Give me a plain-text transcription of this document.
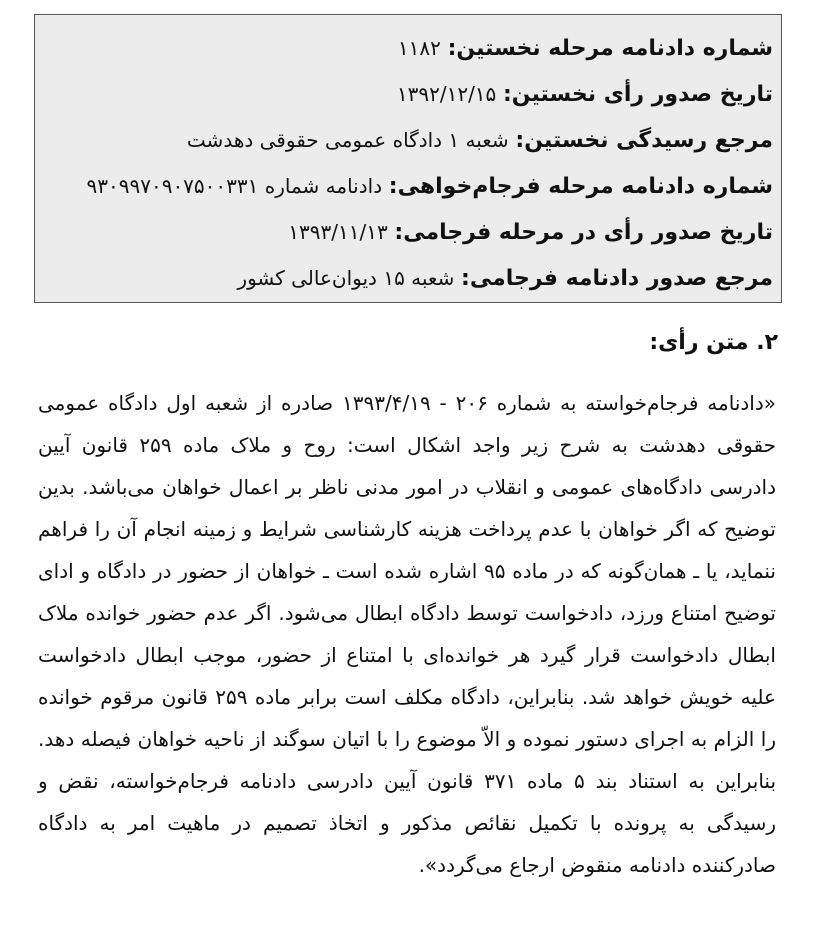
شماره دادنامه مرحله نخستین: ۱۱۸۲
تاریخ صدور رأی نخستین: ۱۳۹۲/۱۲/۱۵
مرجع رسیدگی نخستین: شعبه ۱ دادگاه عمومی حقوقی دهدشت
شماره دادنامه مرحله فرجام‌خواهی: دادنامه شماره ۹۳۰۹۹۷۰۹۰۷۵۰۰۳۳۱
تاریخ صدور رأی در مرحله فرجامی: ۱۳۹۳/۱۱/۱۳
مرجع صدور دادنامه فرجامی: شعبه ۱۵ دیوان‌عالی کشور
۲. متن رأی:

«دادنامه فرجام‌خواسته به شماره ۲۰۶ - ۱۳۹۳/۴/۱۹ صادره از شعبه اول دادگاه عمومی حقوقی دهدشت به شرح زیر واجد اشکال است: روح و ملاک ماده ۲۵۹ قانون آیین دادرسی دادگاه‌های عمومی و انقلاب در امور مدنی ناظر بر اعمال خواهان می‌باشد. بدین توضیح که اگر خواهان با عدم پرداخت هزینه کارشناسی شرایط و زمینه انجام آن را فراهم ننماید، یا ـ همان‌گونه که در ماده ۹۵ اشاره شده است ـ خواهان از حضور در دادگاه و ادای توضیح امتناع ورزد، دادخواست توسط دادگاه ابطال می‌شود. اگر عدم حضور خوانده ملاک ابطال دادخواست قرار گیرد هر خوانده‌ای با امتناع از حضور، موجب ابطال دادخواست علیه خویش خواهد شد. بنابراین، دادگاه مکلف است برابر ماده ۲۵۹ قانون مرقوم خوانده را الزام به اجرای دستور نموده و الاّ موضوع را با اتیان سوگند از ناحیه خواهان فیصله دهد. بنابراین به استناد بند ۵ ماده ۳۷۱ قانون آیین دادرسی دادنامه فرجام‌خواسته، نقض و رسیدگی به پرونده با تکمیل نقائص مذکور و اتخاذ تصمیم در ماهیت امر به دادگاه صادرکننده دادنامه منقوض ارجاع می‌گردد».
